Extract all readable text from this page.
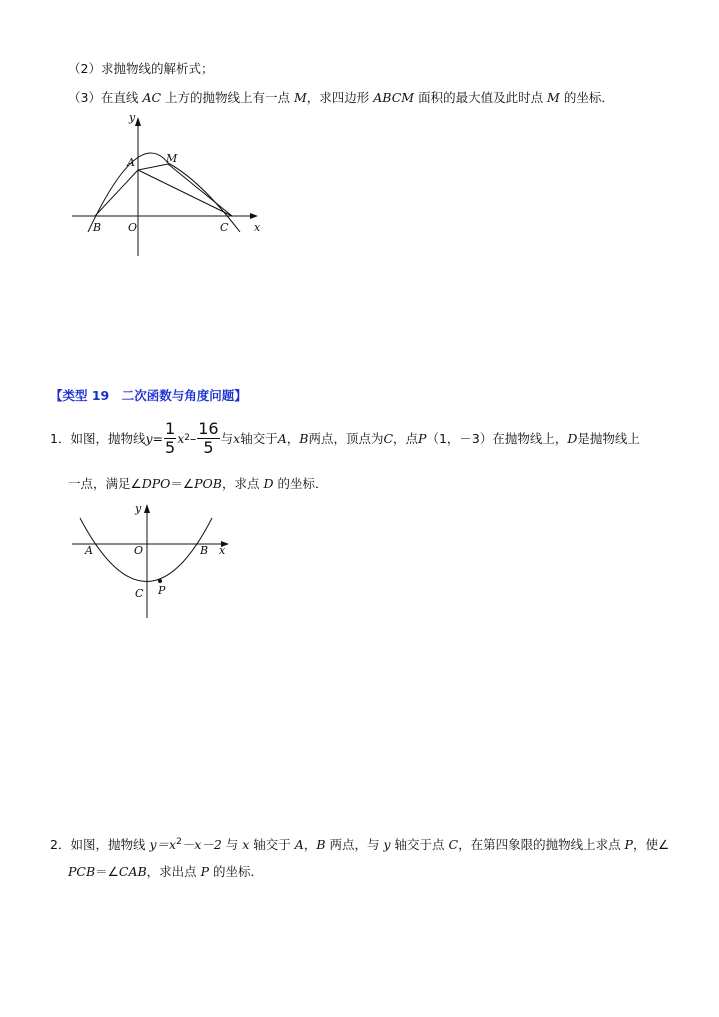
（2）求抛物线的解析式；
（3）在直线 AC 上方的抛物线上有一点 M，求四边形 ABCM 面积的最大值及此时点 M 的坐标．
y
x
O
B	C
A	M
【类型 19　二次函数与角度问题】
1．如图，抛物线 $y= \frac{1}{5}$ x $2 - \frac{16}{5}$ 与 x 轴交于 A ， B 两点，顶点为 C ，点 P （1，－3）在抛物线上， D 是抛物线上
一点，满足∠DPO＝∠POB，求点 D 的坐标．
y
x
A	O	B
C P
2．如图，抛物线 $y=x^2-x-2$ 与 x 轴交于 A，B 两点，与 y 轴交于点 C，在第四象限的抛物线上求点 P，使∠
PCB＝∠CAB，求出点 P 的坐标．
